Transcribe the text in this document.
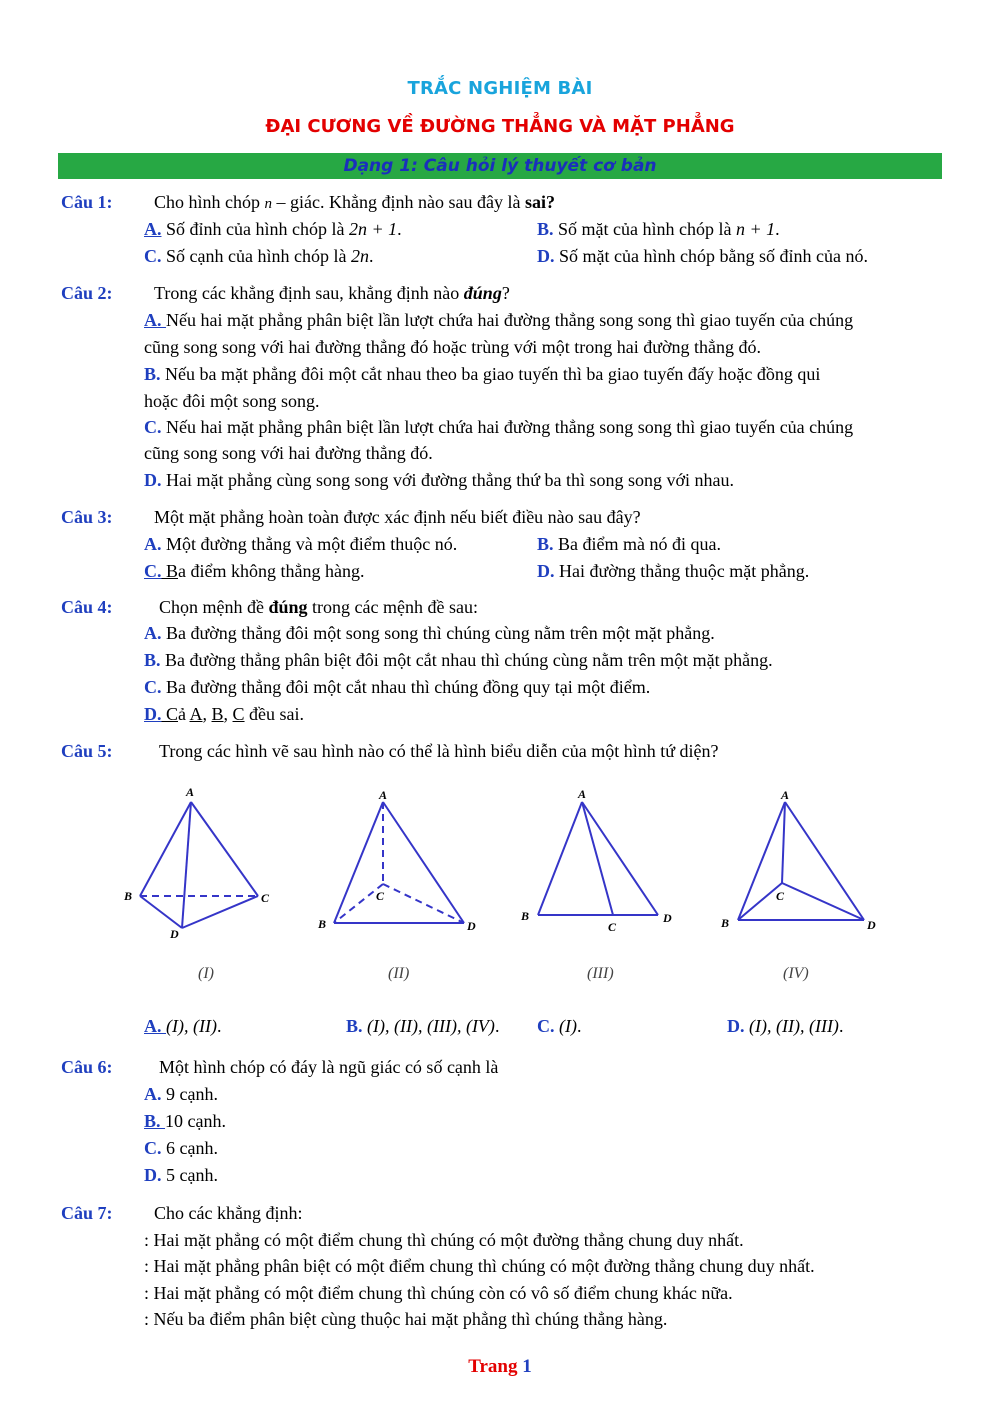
TRẮC NGHIỆM BÀI
ĐẠI CƯƠNG VỀ ĐƯỜNG THẲNG VÀ MẶT PHẲNG
Dạng 1: Câu hỏi lý thuyết cơ bản
Câu 1: Cho hình chóp n – giác. Khẳng định nào sau đây là sai?
A. Số đỉnh của hình chóp là 2n + 1.	B. Số mặt của hình chóp là n + 1.
C. Số cạnh của hình chóp là 2n.	D. Số mặt của hình chóp bằng số đỉnh của nó.
Câu 2: Trong các khẳng định sau, khẳng định nào đúng?
A. Nếu hai mặt phẳng phân biệt lần lượt chứa hai đường thẳng song song thì giao tuyến của chúng
cũng song song với hai đường thẳng đó hoặc trùng với một trong hai đường thẳng đó.
B. Nếu ba mặt phẳng đôi một cắt nhau theo ba giao tuyến thì ba giao tuyến đấy hoặc đồng qui
hoặc đôi một song song.
C. Nếu hai mặt phẳng phân biệt lần lượt chứa hai đường thẳng song song thì giao tuyến của chúng
cũng song song với hai đường thẳng đó.
D. Hai mặt phẳng cùng song song với đường thẳng thứ ba thì song song với nhau.
Câu 3: Một mặt phẳng hoàn toàn được xác định nếu biết điều nào sau đây?
A. Một đường thẳng và một điểm thuộc nó.	B. Ba điểm mà nó đi qua.
C. Ba điểm không thẳng hàng.	D. Hai đường thẳng thuộc mặt phẳng.
Câu 4:	Chọn mệnh đề đúng trong các mệnh đề sau:
A. Ba đường thẳng đôi một song song thì chúng cùng nằm trên một mặt phẳng.
B. Ba đường thẳng phân biệt đôi một cắt nhau thì chúng cùng nằm trên một mặt phẳng.
C. Ba đường thẳng đôi một cắt nhau thì chúng đồng quy tại một điểm.
D. Cả A, B, C đều sai.
Câu 5:	Trong các hình vẽ sau hình nào có thể là hình biểu diễn của một hình tứ diện?
A
B	C
D
(I)
A
B
C
D
(II)
A
B
C
D
(III)
A
B
C
D
(IV)
A. (I), (II).	B. (I), (II), (III), (IV). C. (I).	D. (I), (II), (III).
Câu 6:	Một hình chóp có đáy là ngũ giác có số cạnh là
A. 9 cạnh.
B. 10 cạnh.
C. 6 cạnh.
D. 5 cạnh.
Câu 7: Cho các khẳng định:
: Hai mặt phẳng có một điểm chung thì chúng có một đường thẳng chung duy nhất.
: Hai mặt phẳng phân biệt có một điểm chung thì chúng có một đường thẳng chung duy nhất.
: Hai mặt phẳng có một điểm chung thì chúng còn có vô số điểm chung khác nữa.
: Nếu ba điểm phân biệt cùng thuộc hai mặt phẳng thì chúng thẳng hàng.
Trang 1
